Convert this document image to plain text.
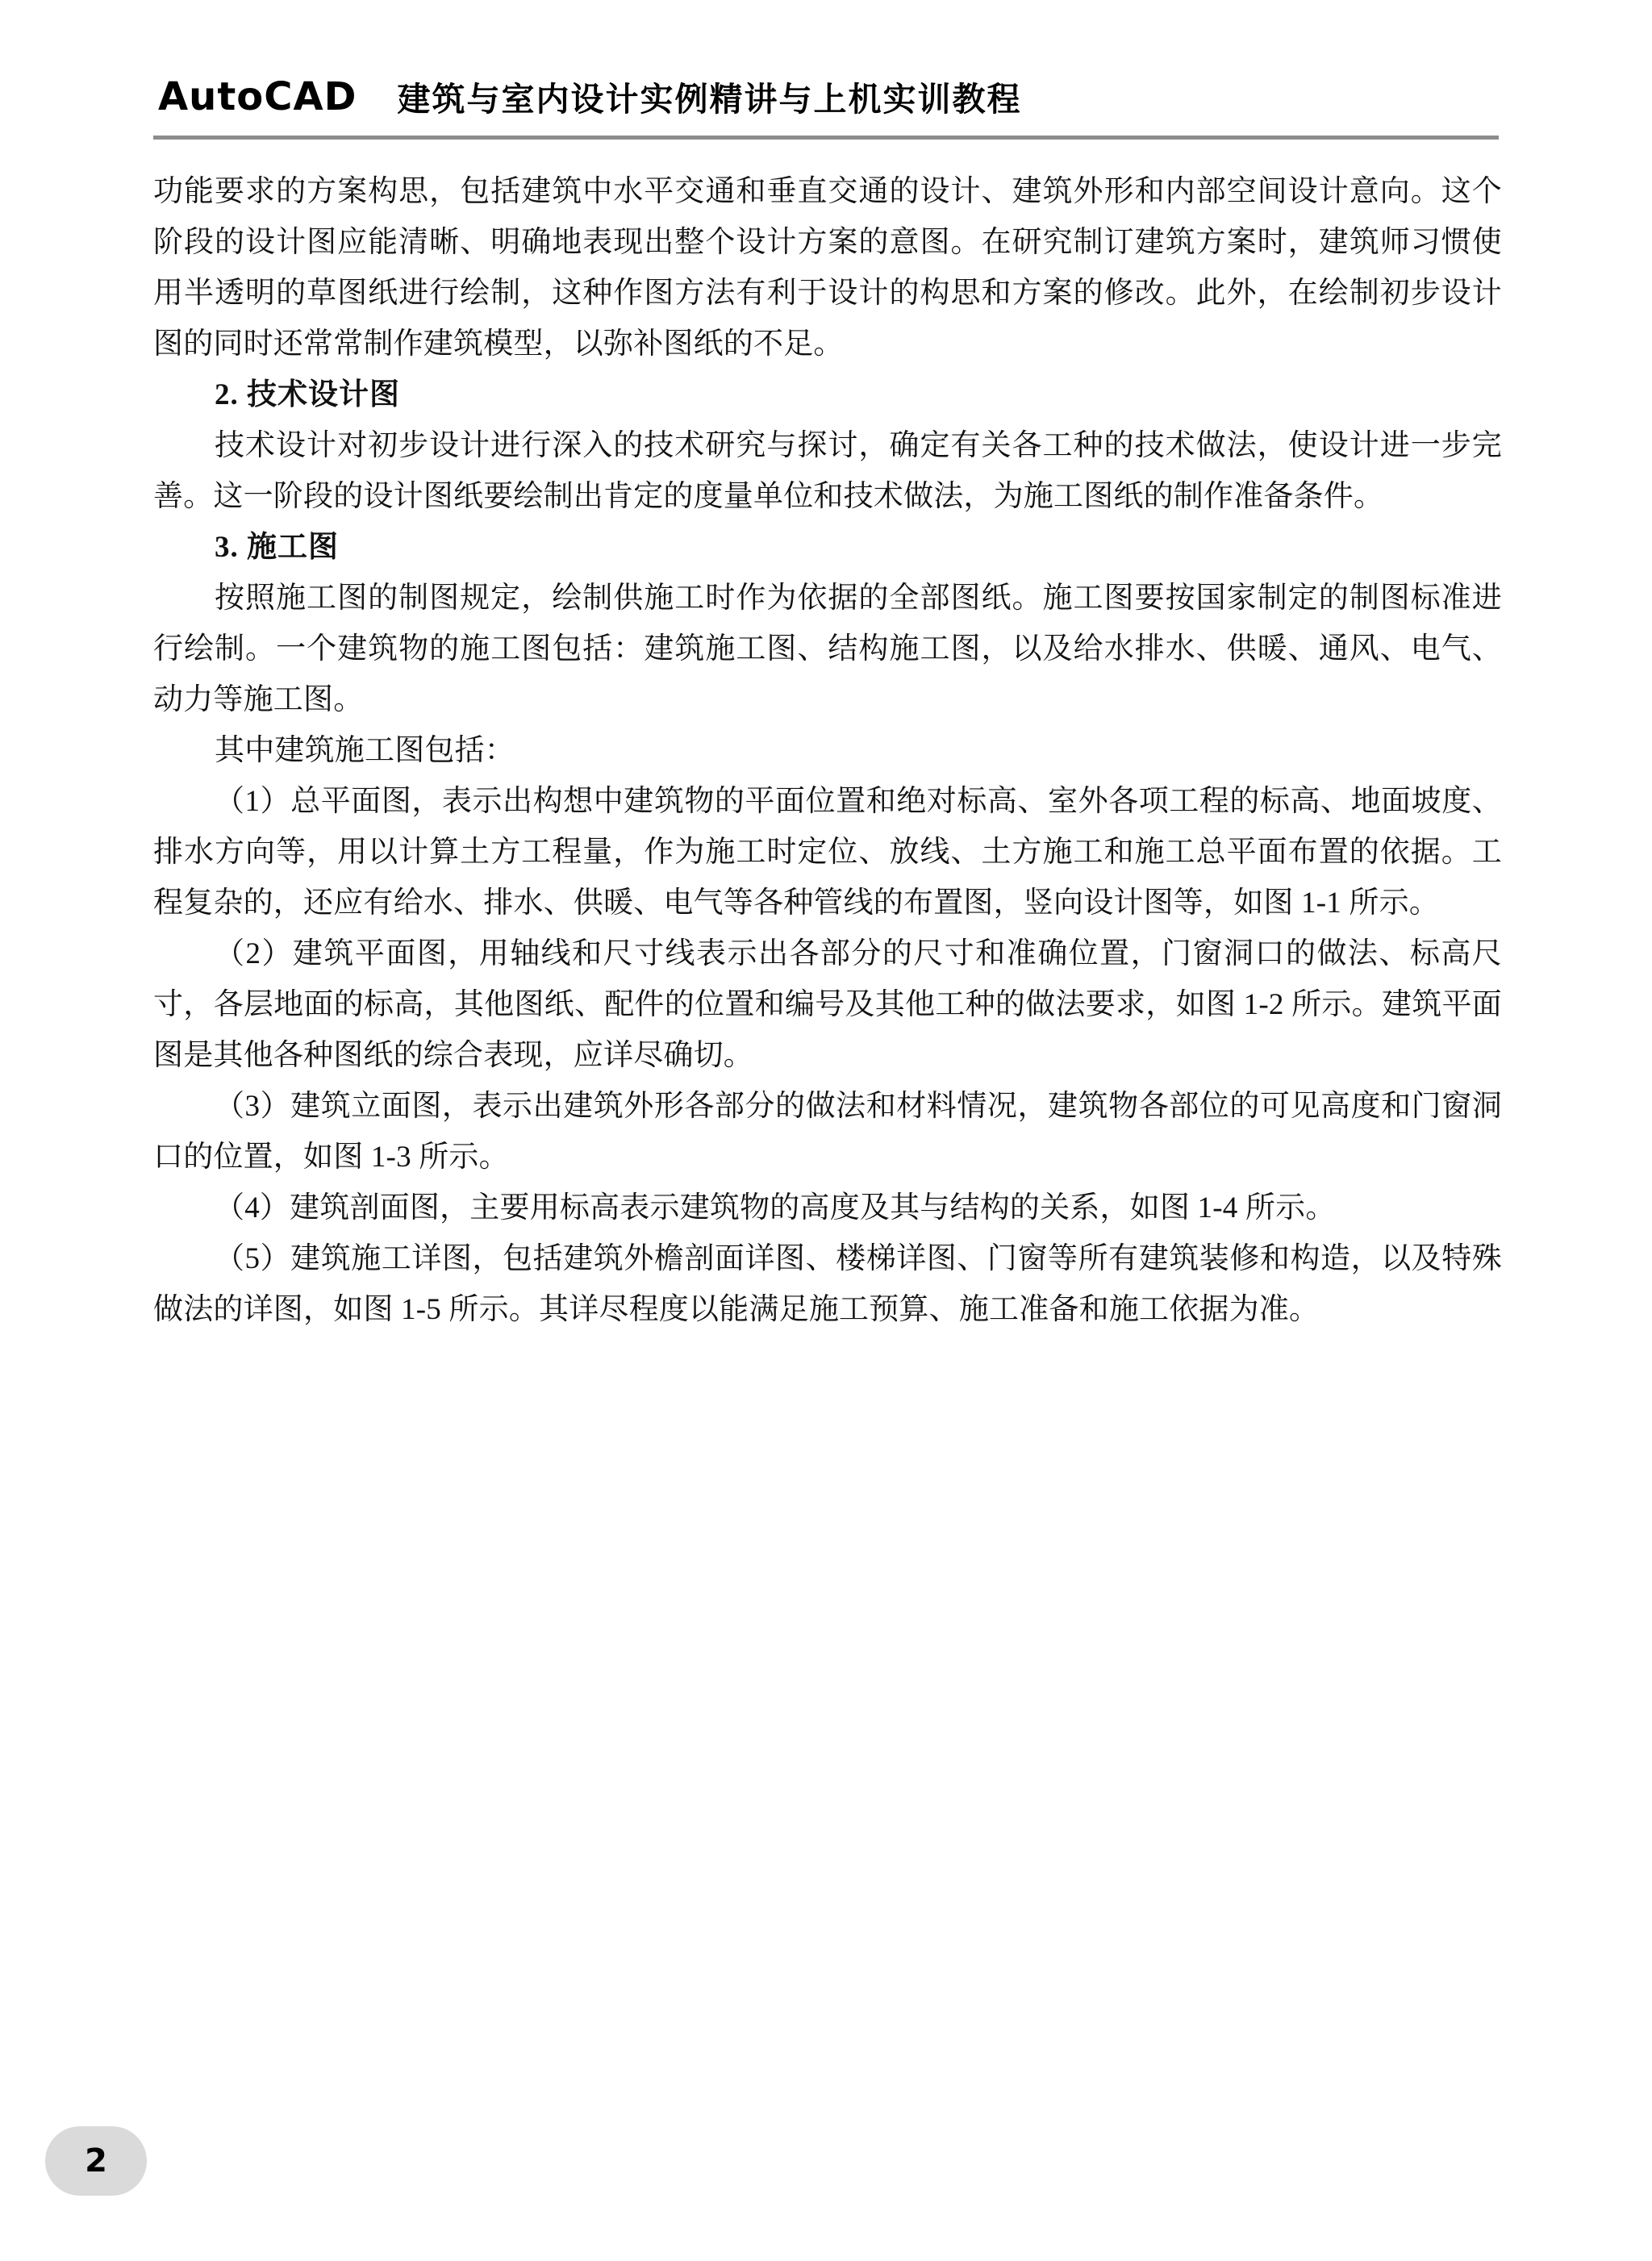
AutoCAD 建筑与室内设计实例精讲与上机实训教程

功能要求的方案构思，包括建筑中水平交通和垂直交通的设计、建筑外形和内部空间设计意向。这个阶段的设计图应能清晰、明确地表现出整个设计方案的意图。在研究制订建筑方案时，建筑师习惯使用半透明的草图纸进行绘制，这种作图方法有利于设计的构思和方案的修改。此外，在绘制初步设计图的同时还常常制作建筑模型，以弥补图纸的不足。

2. 技术设计图

技术设计对初步设计进行深入的技术研究与探讨，确定有关各工种的技术做法，使设计进一步完善。这一阶段的设计图纸要绘制出肯定的度量单位和技术做法，为施工图纸的制作准备条件。

3. 施工图

按照施工图的制图规定，绘制供施工时作为依据的全部图纸。施工图要按国家制定的制图标准进行绘制。一个建筑物的施工图包括：建筑施工图、结构施工图，以及给水排水、供暖、通风、电气、动力等施工图。

其中建筑施工图包括：

（1）总平面图，表示出构想中建筑物的平面位置和绝对标高、室外各项工程的标高、地面坡度、排水方向等，用以计算土方工程量，作为施工时定位、放线、土方施工和施工总平面布置的依据。工程复杂的，还应有给水、排水、供暖、电气等各种管线的布置图，竖向设计图等，如图 1-1 所示。

（2）建筑平面图，用轴线和尺寸线表示出各部分的尺寸和准确位置，门窗洞口的做法、标高尺寸，各层地面的标高，其他图纸、配件的位置和编号及其他工种的做法要求，如图 1-2 所示。建筑平面图是其他各种图纸的综合表现，应详尽确切。

（3）建筑立面图，表示出建筑外形各部分的做法和材料情况，建筑物各部位的可见高度和门窗洞口的位置，如图 1-3 所示。

（4）建筑剖面图，主要用标高表示建筑物的高度及其与结构的关系，如图 1-4 所示。

（5）建筑施工详图，包括建筑外檐剖面详图、楼梯详图、门窗等所有建筑装修和构造，以及特殊做法的详图，如图 1-5 所示。其详尽程度以能满足施工预算、施工准备和施工依据为准。

2
